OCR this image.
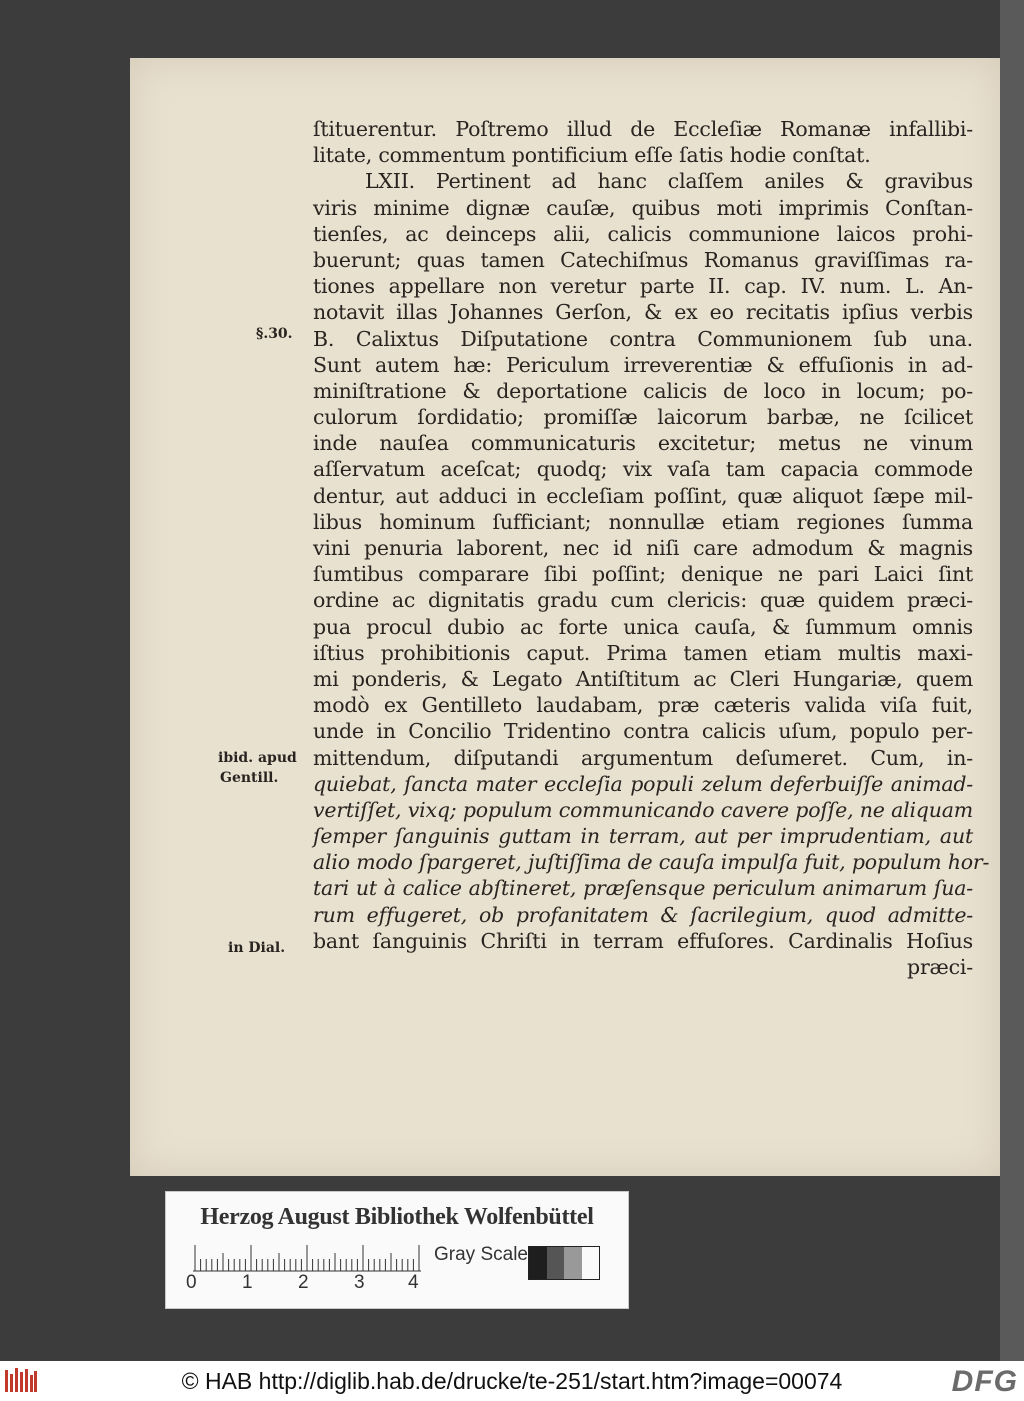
ſtituerentur. Poſtremo illud de Eccleſiæ Romanæ infallibi-
litate, commentum pontificium eſſe ſatis hodie conſtat.
LXII. Pertinent ad hanc claſſem aniles & gravibus
viris minime dignæ cauſæ, quibus moti imprimis Conſtan-
tienſes, ac deinceps alii, calicis communione laicos prohi-
buerunt; quas tamen Catechiſmus Romanus graviſſimas ra-
tiones appellare non veretur parte II. cap. IV. num. L. An-
notavit illas Johannes Gerſon, & ex eo recitatis ipſius verbis
B. Calixtus Diſputatione contra Communionem ſub una.
Sunt autem hæ: Periculum irreverentiæ & effuſionis in ad-
miniſtratione & deportatione calicis de loco in locum; po-
culorum ſordidatio; promiſſæ laicorum barbæ, ne ſcilicet
inde nauſea communicaturis excitetur; metus ne vinum
aſſervatum aceſcat; quodq; vix vaſa tam capacia commode
dentur, aut adduci in eccleſiam poſſint, quæ aliquot ſæpe mil-
libus hominum ſufficiant; nonnullæ etiam regiones ſumma
vini penuria laborent, nec id niſi care admodum & magnis
ſumtibus comparare ſibi poſſint; denique ne pari Laici ſint
ordine ac dignitatis gradu cum clericis: quæ quidem præci-
pua procul dubio ac forte unica cauſa, & ſummum omnis
iſtius prohibitionis caput. Prima tamen etiam multis maxi-
mi ponderis, & Legato Antiſtitum ac Cleri Hungariæ, quem
modò ex Gentilleto laudabam, præ cæteris valida viſa fuit,
unde in Concilio Tridentino contra calicis uſum, populo per-
mittendum, diſputandi argumentum deſumeret. Cum, in-
quiebat, ſancta mater eccleſia populi zelum deferbuiſſe animad-
vertiſſet, vixq; populum communicando cavere poſſe, ne aliquam
ſemper ſanguinis guttam in terram, aut per imprudentiam, aut
alio modo ſpargeret, juſtiſſima de cauſa impulſa fuit, populum hor-
tari ut à calice abſtineret, præſensque periculum animarum ſua-
rum effugeret, ob profanitatem & ſacrilegium, quod admitte-
bant ſanguinis Chriſti in terram effuſores. Cardinalis Hoſius
præci-
§.30.
ibid. apud
Gentill.
in Dial.
Herzog August Bibliothek Wolfenbüttel
0 1 2 3 4
Gray Scale
© HAB http://diglib.hab.de/drucke/te-251/start.htm?image=00074	DFG
